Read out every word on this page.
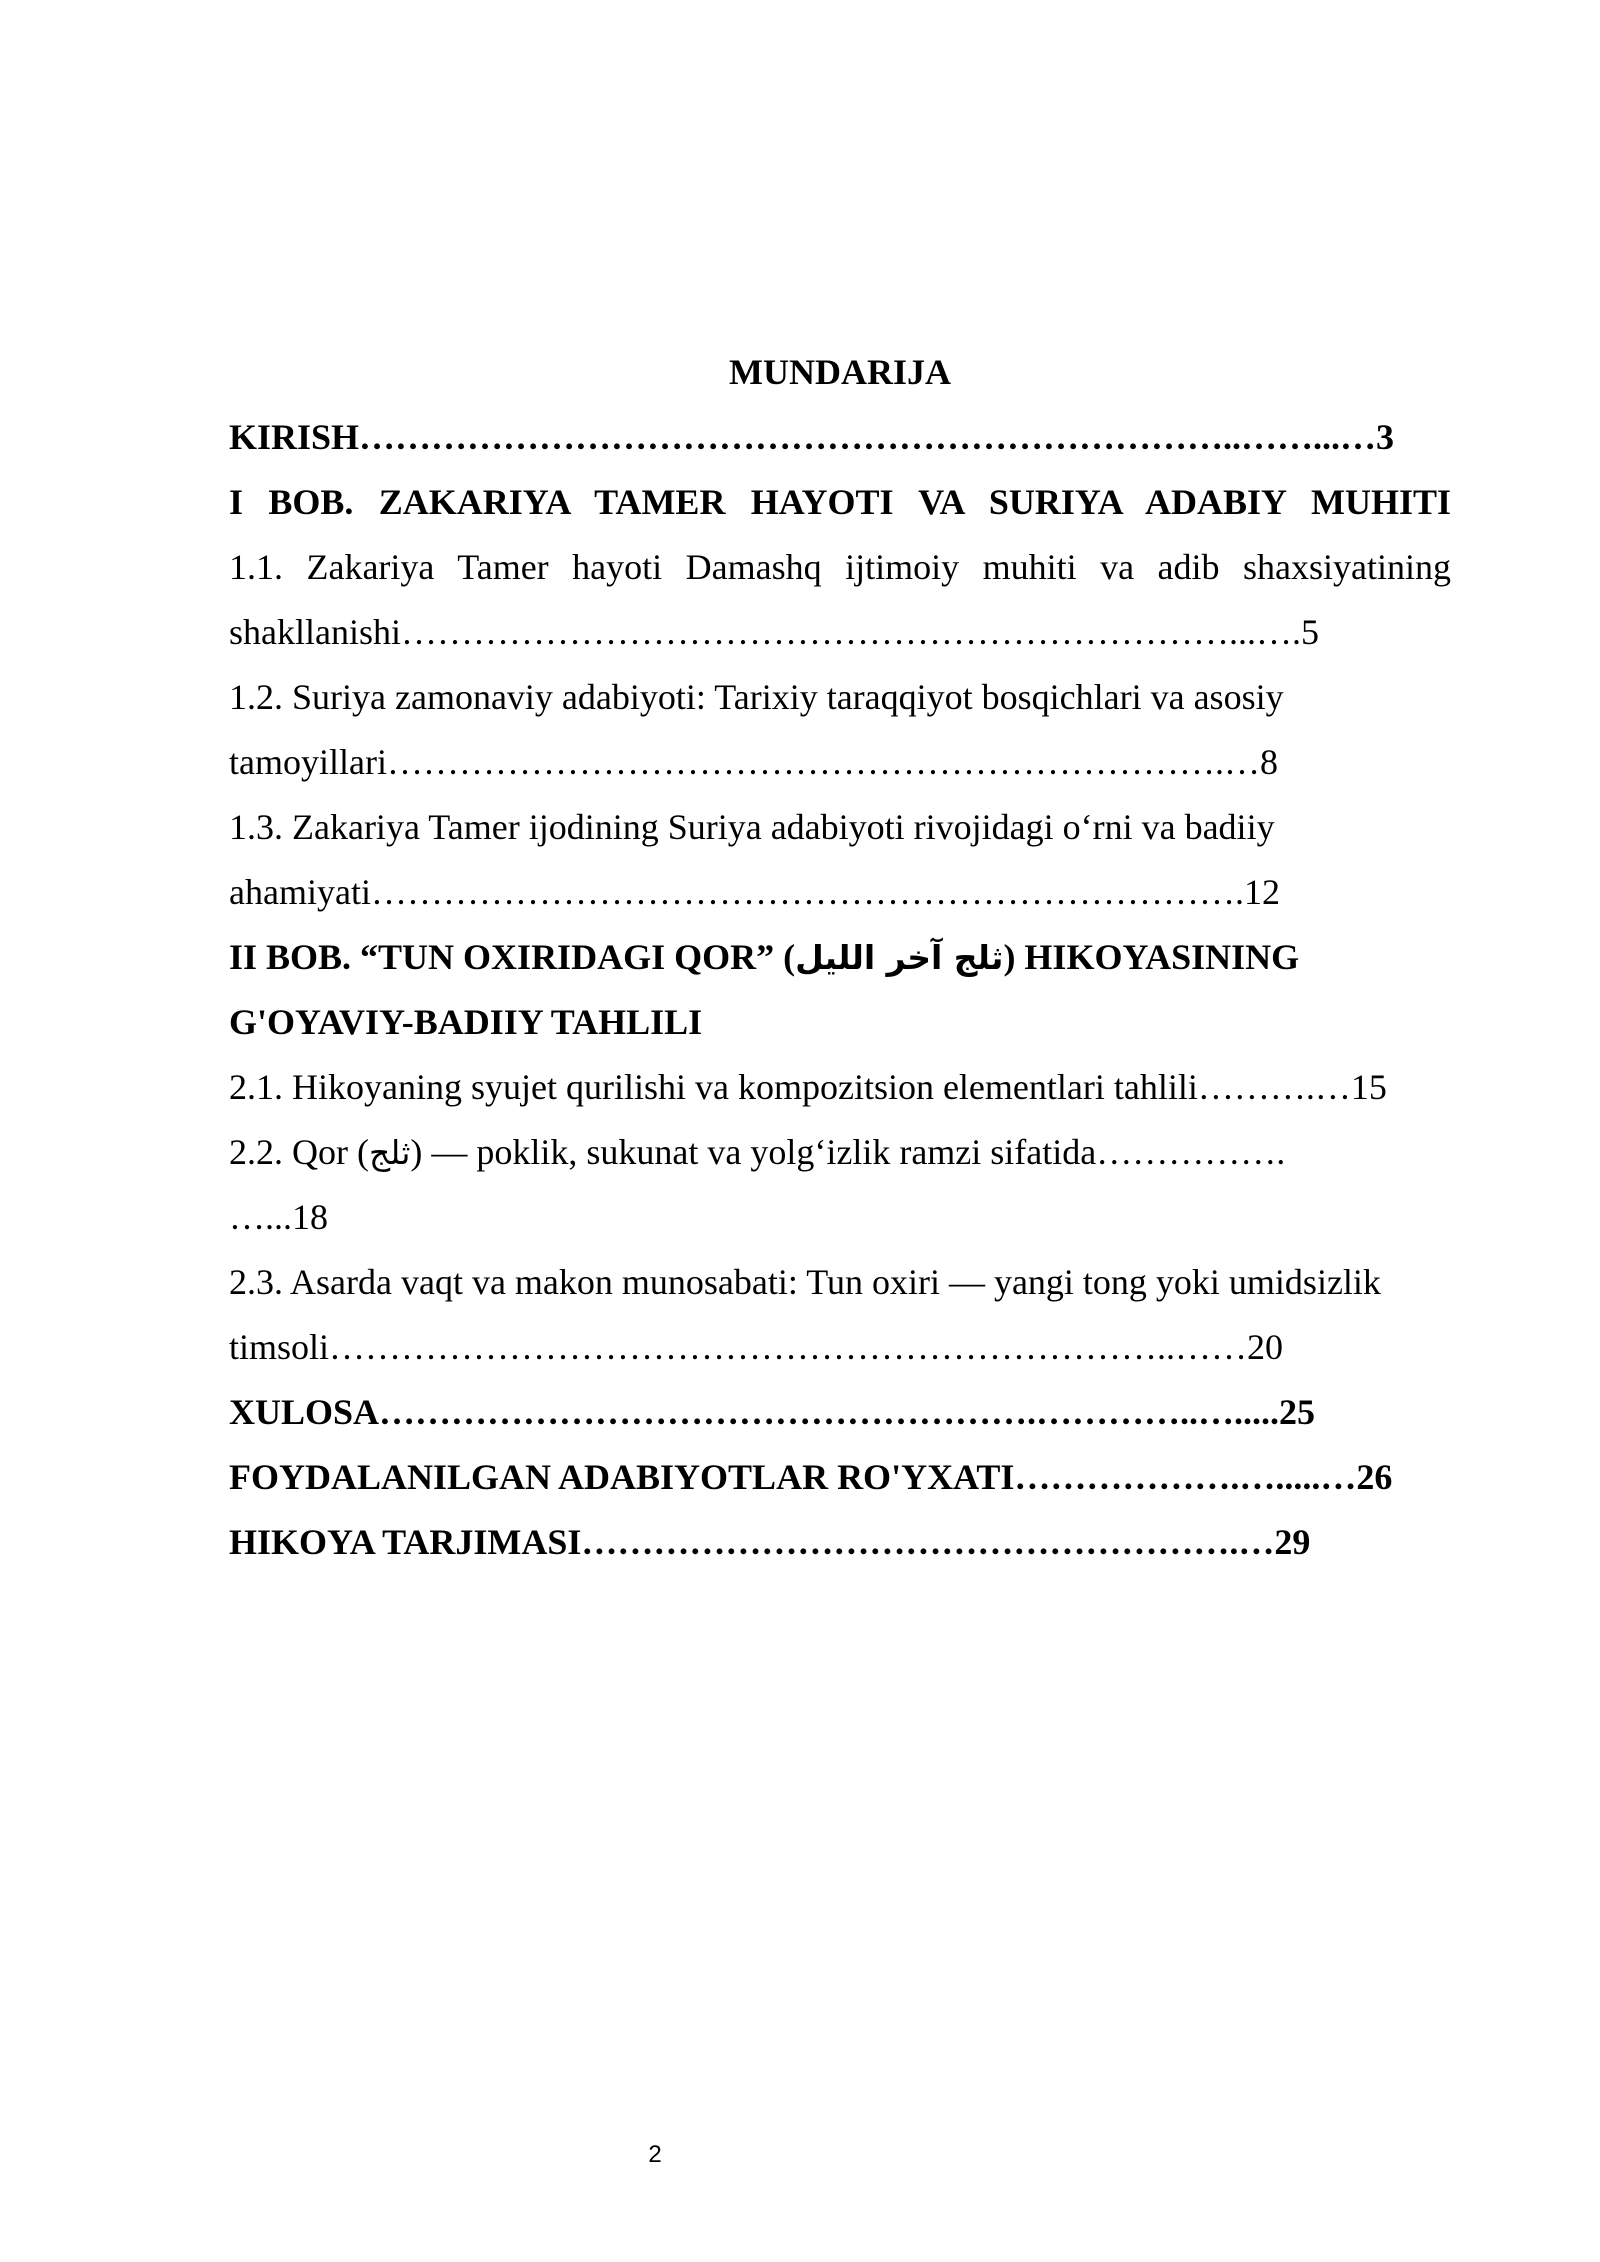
MUNDARIJA
KIRISH………………………………………………………………..……...…3
I BOB. ZAKARIYA TAMER HAYOTI VA SURIYA ADABIY MUHITI
1.1. Zakariya Tamer hayoti Damashq ijtimoiy muhiti va adib shaxsiyatining
shakllanishi……………………………………………………………...….5
1.2. Suriya zamonaviy adabiyoti: Tarixiy taraqqiyot bosqichlari va asosiy
tamoyillari…………………………………………………………….…8
1.3. Zakariya Tamer ijodining Suriya adabiyoti rivojidagi o‘rni va badiiy
ahamiyati……………………………………………………………….12
II BOB. “TUN OXIRIDAGI QOR” (ثلج آخر الليل) HIKOYASINING
G'OYAVIY-BADIIY TAHLILI
2.1. Hikoyaning syujet qurilishi va kompozitsion elementlari tahlili……….…15
2.2. Qor (ثلج) — poklik, sukunat va yolg‘izlik ramzi sifatida…………….
…...18
2.3. Asarda vaqt va makon munosabati: Tun oxiri — yangi tong yoki umidsizlik
timsoli……………………………………………………………..……20
XULOSA……………………………………………….…………..….....25
FOYDALANILGAN ADABIYOTLAR RO'YXATI……………….….....…26
HIKOYA TARJIMASI……………………………………………….…29
2
